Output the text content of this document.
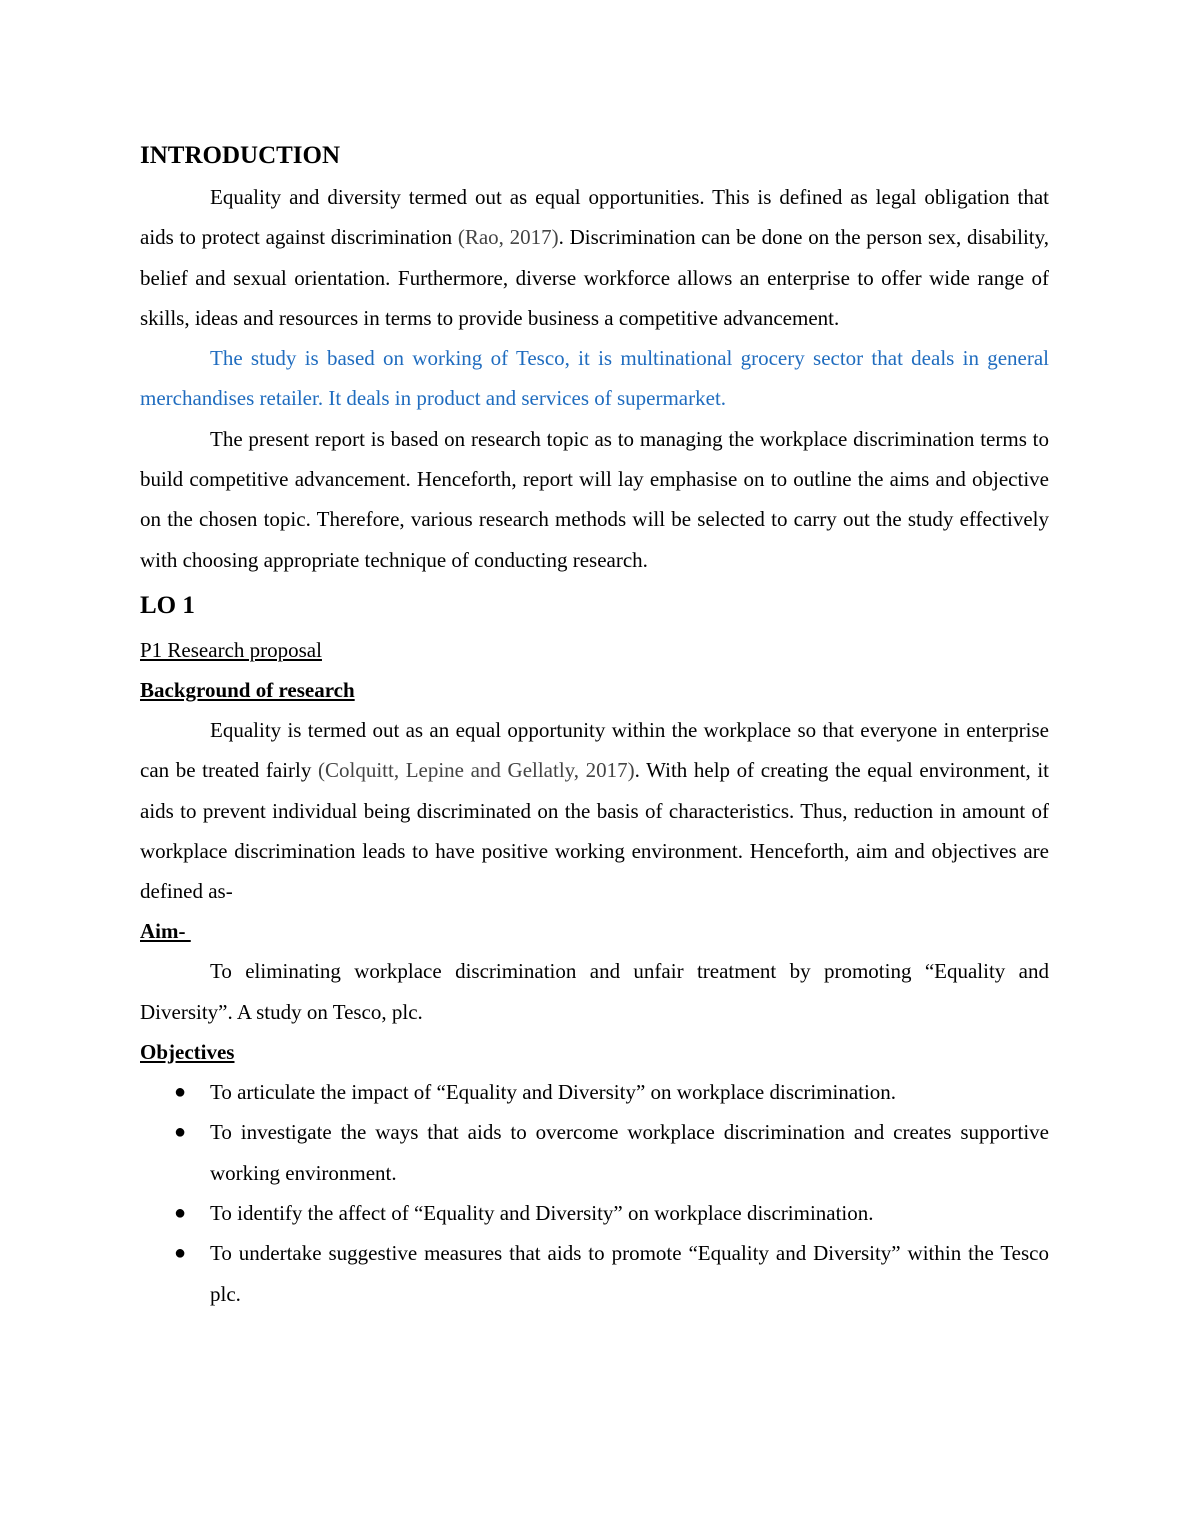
INTRODUCTION

Equality and diversity termed out as equal opportunities. This is defined as legal obligation that aids to protect against discrimination (Rao, 2017). Discrimination can be done on the person sex, disability, belief and sexual orientation. Furthermore, diverse workforce allows an enterprise to offer wide range of skills, ideas and resources in terms to provide business a competitive advancement.

The study is based on working of Tesco, it is multinational grocery sector that deals in general merchandises retailer. It deals in product and services of supermarket.

The present report is based on research topic as to managing the workplace discrimination terms to build competitive advancement. Henceforth, report will lay emphasise on to outline the aims and objective on the chosen topic. Therefore, various research methods will be selected to carry out the study effectively with choosing appropriate technique of conducting research.

LO 1

P1 Research proposal

Background of research

Equality is termed out as an equal opportunity within the workplace so that everyone in enterprise can be treated fairly (Colquitt, Lepine and Gellatly, 2017). With help of creating the equal environment, it aids to prevent individual being discriminated on the basis of characteristics. Thus, reduction in amount of workplace discrimination leads to have positive working environment. Henceforth, aim and objectives are defined as-

Aim-

To eliminating workplace discrimination and unfair treatment by promoting “Equality and Diversity”. A study on Tesco, plc.

Objectives

● To articulate the impact of “Equality and Diversity” on workplace discrimination.
● To investigate the ways that aids to overcome workplace discrimination and creates supportive working environment.
● To identify the affect of “Equality and Diversity” on workplace discrimination.
● To undertake suggestive measures that aids to promote “Equality and Diversity” within the Tesco plc.
